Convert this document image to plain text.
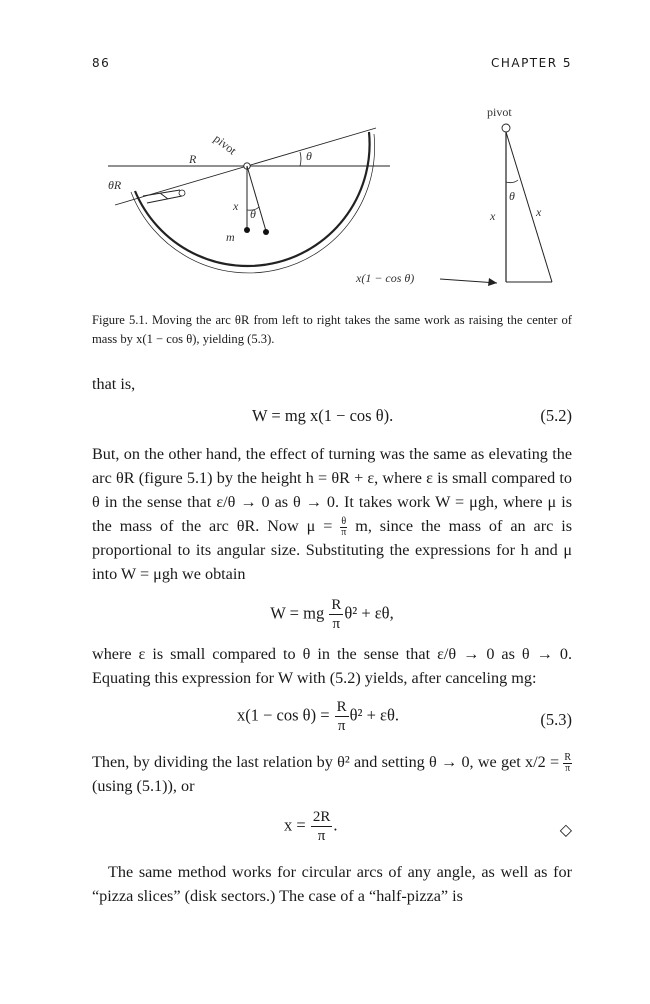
86	CHAPTER 5
pivot
R	θ
θR
x
θ
m
pivot
θ
x	x
x(1 − cos θ)
Figure 5.1. Moving the arc θR from left to right takes the same work as raising the center of mass by x(1 − cos θ), yielding (5.3).
that is,
W = mg x(1 − cos θ).	(5.2)
But, on the other hand, the effect of turning was the same as elevating the arc θR (figure 5.1) by the height h = θR + ε, where ε is small compared to θ in the sense that ε/θ → 0 as θ → 0. It takes work W = μgh, where μ is the mass of the arc θR. Now $\mu = \frac{\theta}{\pi} m$, since the mass of an arc is proportional to its angular size. Substituting the expressions for h and μ into W = μgh we obtain
W = mg $\frac{R}{\pi} \theta^2 + \varepsilon\theta$,
where ε is small compared to θ in the sense that ε/θ → 0 as θ → 0. Equating this expression for W with (5.2) yields, after canceling mg:
$x(1 - \cos \theta) = \frac{R}{\pi} \theta^2 + \varepsilon\theta$.	(5.3)
Then, by dividing the last relation by θ² and setting θ → 0, we get $x/2 = \frac{R}{\pi}$
(using (5.1)), or
$x = \frac{2R}{\pi}$ .	◇
The same method works for circular arcs of any angle, as well as for “pizza slices” (disk sectors.) The case of a “half-pizza” is
